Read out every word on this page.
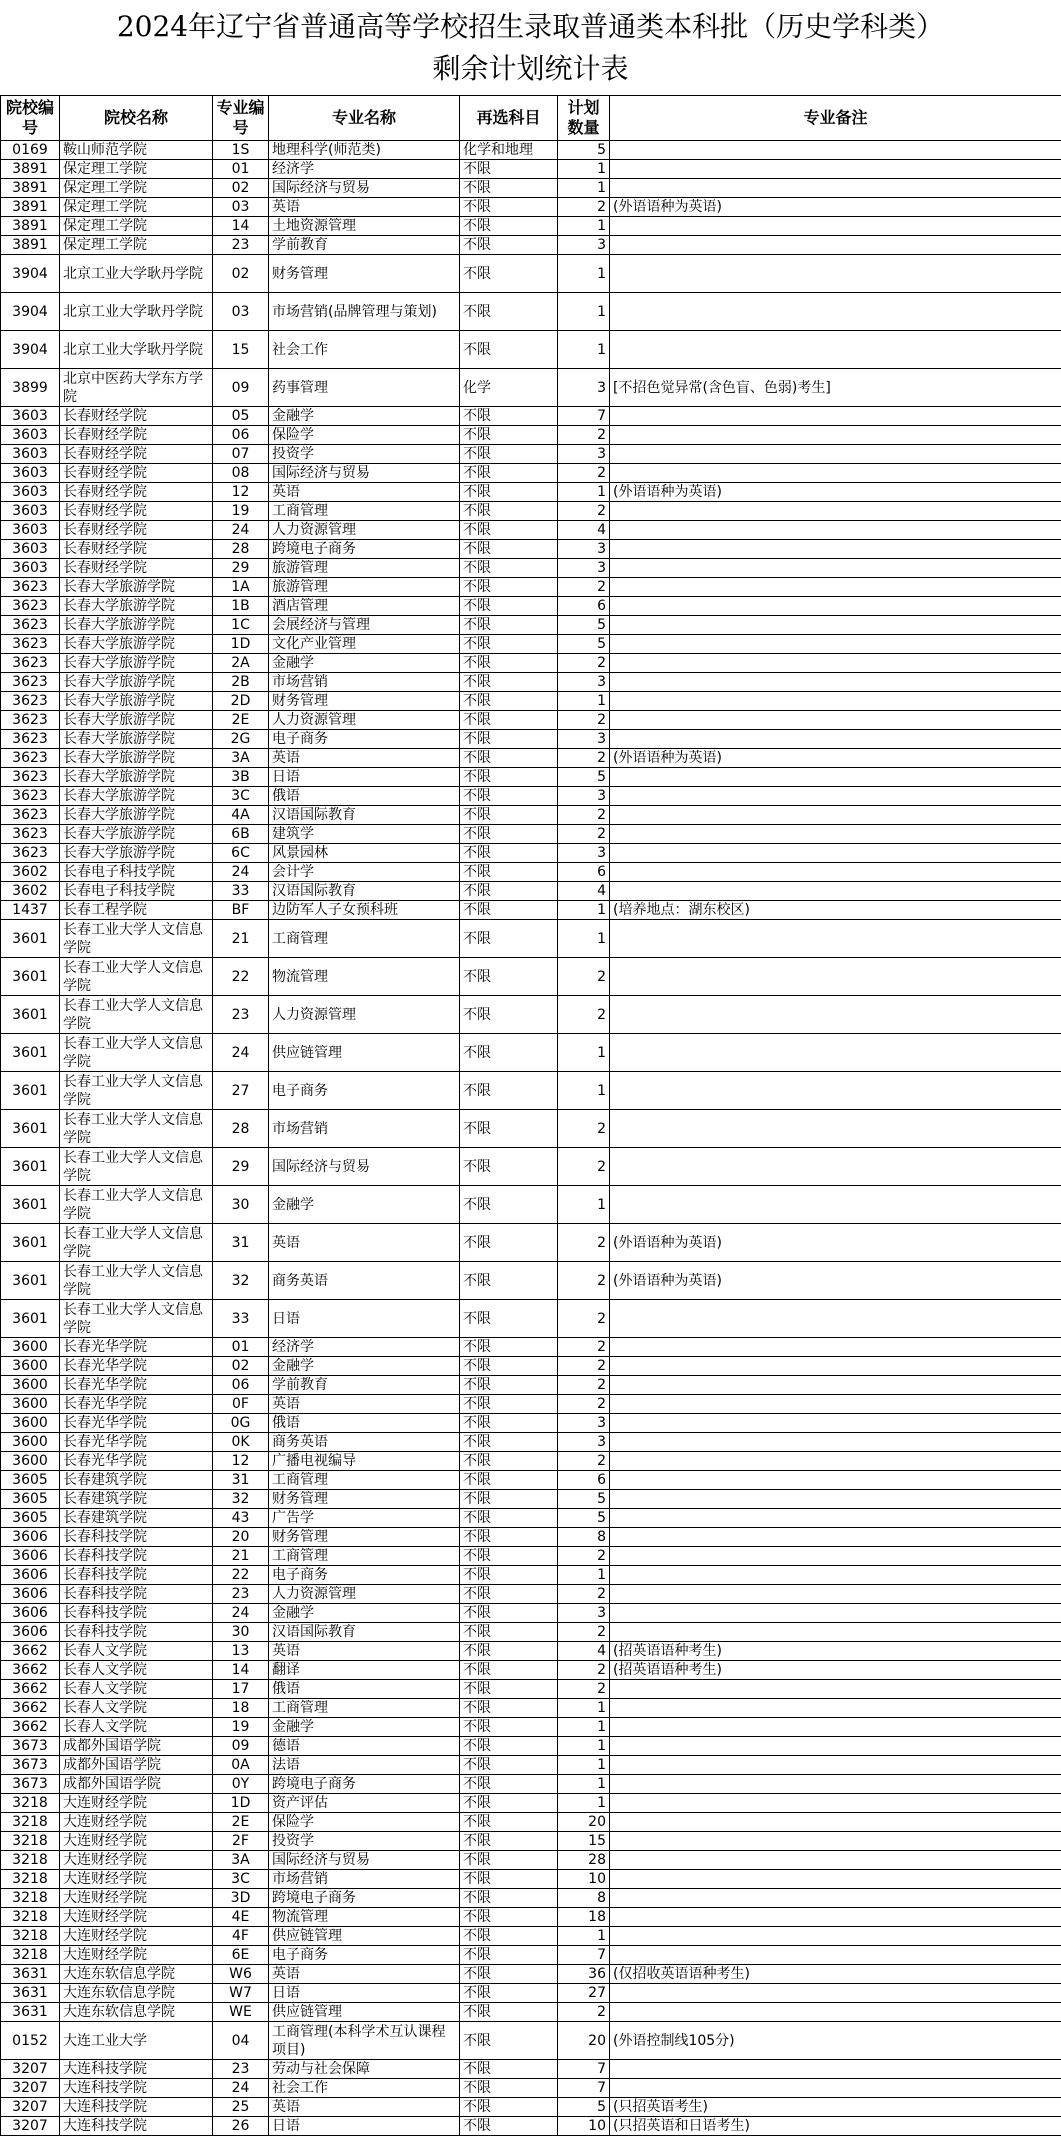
2024年辽宁省普通高等学校招生录取普通类本科批（历史学科类）
剩余计划统计表
院校编号	院校名称	专业编号	专业名称	再选科目	计划数量	专业备注
0169	鞍山师范学院	1S	地理科学(师范类)	化学和地理	5	
3891	保定理工学院	01	经济学	不限	1	
3891	保定理工学院	02	国际经济与贸易	不限	1	
3891	保定理工学院	03	英语	不限	2	(外语语种为英语)
3891	保定理工学院	14	土地资源管理	不限	1	
3891	保定理工学院	23	学前教育	不限	3	
3904	北京工业大学耿丹学院	02	财务管理	不限	1	
3904	北京工业大学耿丹学院	03	市场营销(品牌管理与策划)	不限	1	
3904	北京工业大学耿丹学院	15	社会工作	不限	1	
3899	北京中医药大学东方学院	09	药事管理	化学	3	[不招色觉异常(含色盲、色弱)考生]
3603	长春财经学院	05	金融学	不限	7	
3603	长春财经学院	06	保险学	不限	2	
3603	长春财经学院	07	投资学	不限	3	
3603	长春财经学院	08	国际经济与贸易	不限	2	
3603	长春财经学院	12	英语	不限	1	(外语语种为英语)
3603	长春财经学院	19	工商管理	不限	2	
3603	长春财经学院	24	人力资源管理	不限	4	
3603	长春财经学院	28	跨境电子商务	不限	3	
3603	长春财经学院	29	旅游管理	不限	3	
3623	长春大学旅游学院	1A	旅游管理	不限	2	
3623	长春大学旅游学院	1B	酒店管理	不限	6	
3623	长春大学旅游学院	1C	会展经济与管理	不限	5	
3623	长春大学旅游学院	1D	文化产业管理	不限	5	
3623	长春大学旅游学院	2A	金融学	不限	2	
3623	长春大学旅游学院	2B	市场营销	不限	3	
3623	长春大学旅游学院	2D	财务管理	不限	1	
3623	长春大学旅游学院	2E	人力资源管理	不限	2	
3623	长春大学旅游学院	2G	电子商务	不限	3	
3623	长春大学旅游学院	3A	英语	不限	2	(外语语种为英语)
3623	长春大学旅游学院	3B	日语	不限	5	
3623	长春大学旅游学院	3C	俄语	不限	3	
3623	长春大学旅游学院	4A	汉语国际教育	不限	2	
3623	长春大学旅游学院	6B	建筑学	不限	2	
3623	长春大学旅游学院	6C	风景园林	不限	3	
3602	长春电子科技学院	24	会计学	不限	6	
3602	长春电子科技学院	33	汉语国际教育	不限	4	
1437	长春工程学院	BF	边防军人子女预科班	不限	1	(培养地点：湖东校区)
3601	长春工业大学人文信息学院	21	工商管理	不限	1	
3601	长春工业大学人文信息学院	22	物流管理	不限	2	
3601	长春工业大学人文信息学院	23	人力资源管理	不限	2	
3601	长春工业大学人文信息学院	24	供应链管理	不限	1	
3601	长春工业大学人文信息学院	27	电子商务	不限	1	
3601	长春工业大学人文信息学院	28	市场营销	不限	2	
3601	长春工业大学人文信息学院	29	国际经济与贸易	不限	2	
3601	长春工业大学人文信息学院	30	金融学	不限	1	
3601	长春工业大学人文信息学院	31	英语	不限	2	(外语语种为英语)
3601	长春工业大学人文信息学院	32	商务英语	不限	2	(外语语种为英语)
3601	长春工业大学人文信息学院	33	日语	不限	2	
3600	长春光华学院	01	经济学	不限	2	
3600	长春光华学院	02	金融学	不限	2	
3600	长春光华学院	06	学前教育	不限	2	
3600	长春光华学院	0F	英语	不限	2	
3600	长春光华学院	0G	俄语	不限	3	
3600	长春光华学院	0K	商务英语	不限	3	
3600	长春光华学院	12	广播电视编导	不限	2	
3605	长春建筑学院	31	工商管理	不限	6	
3605	长春建筑学院	32	财务管理	不限	5	
3605	长春建筑学院	43	广告学	不限	5	
3606	长春科技学院	20	财务管理	不限	8	
3606	长春科技学院	21	工商管理	不限	2	
3606	长春科技学院	22	电子商务	不限	1	
3606	长春科技学院	23	人力资源管理	不限	2	
3606	长春科技学院	24	金融学	不限	3	
3606	长春科技学院	30	汉语国际教育	不限	2	
3662	长春人文学院	13	英语	不限	4	(招英语语种考生)
3662	长春人文学院	14	翻译	不限	2	(招英语语种考生)
3662	长春人文学院	17	俄语	不限	2	
3662	长春人文学院	18	工商管理	不限	1	
3662	长春人文学院	19	金融学	不限	1	
3673	成都外国语学院	09	德语	不限	1	
3673	成都外国语学院	0A	法语	不限	1	
3673	成都外国语学院	0Y	跨境电子商务	不限	1	
3218	大连财经学院	1D	资产评估	不限	1	
3218	大连财经学院	2E	保险学	不限	20	
3218	大连财经学院	2F	投资学	不限	15	
3218	大连财经学院	3A	国际经济与贸易	不限	28	
3218	大连财经学院	3C	市场营销	不限	10	
3218	大连财经学院	3D	跨境电子商务	不限	8	
3218	大连财经学院	4E	物流管理	不限	18	
3218	大连财经学院	4F	供应链管理	不限	1	
3218	大连财经学院	6E	电子商务	不限	7	
3631	大连东软信息学院	W6	英语	不限	36	(仅招收英语语种考生)
3631	大连东软信息学院	W7	日语	不限	27	
3631	大连东软信息学院	WE	供应链管理	不限	2	
0152	大连工业大学	04	工商管理(本科学术互认课程项目)	不限	20	(外语控制线105分)
3207	大连科技学院	23	劳动与社会保障	不限	7	
3207	大连科技学院	24	社会工作	不限	7	
3207	大连科技学院	25	英语	不限	5	(只招英语考生)
3207	大连科技学院	26	日语	不限	10	(只招英语和日语考生)
